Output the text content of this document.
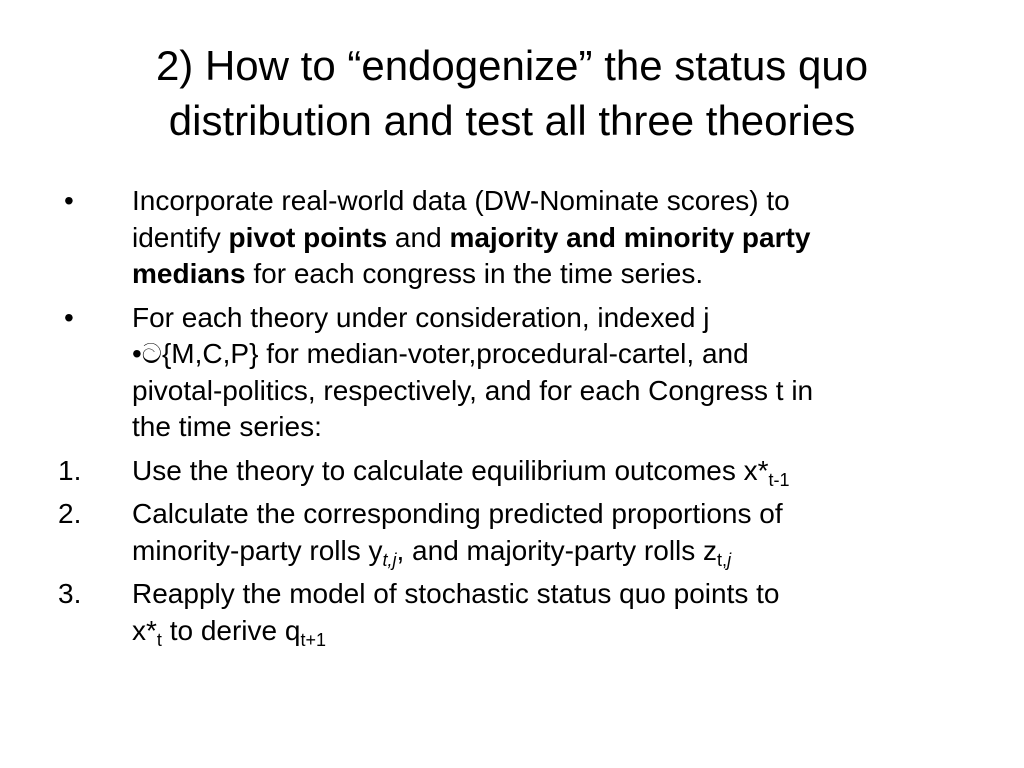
2) How to “endogenize” the status quo
distribution and test all three theories
•	Incorporate real-world data (DW-Nominate scores) to
identify pivot points and majority and minority party
medians for each congress in the time series.
•	For each theory under consideration, indexed j
•ට{M,C,P} for median-voter,procedural-cartel, and
pivotal-politics, respectively, and for each Congress t in
the time series:
1.	Use the theory to calculate equilibrium outcomes $x*_{t-1}$
2.	Calculate the corresponding predicted proportions of
minority-party rolls $y_{t,j}$, and majority-party rolls $z_{t,j}$
3.	Reapply the model of stochastic status quo points to
$x*_t$ to derive $q_{t+1}$
